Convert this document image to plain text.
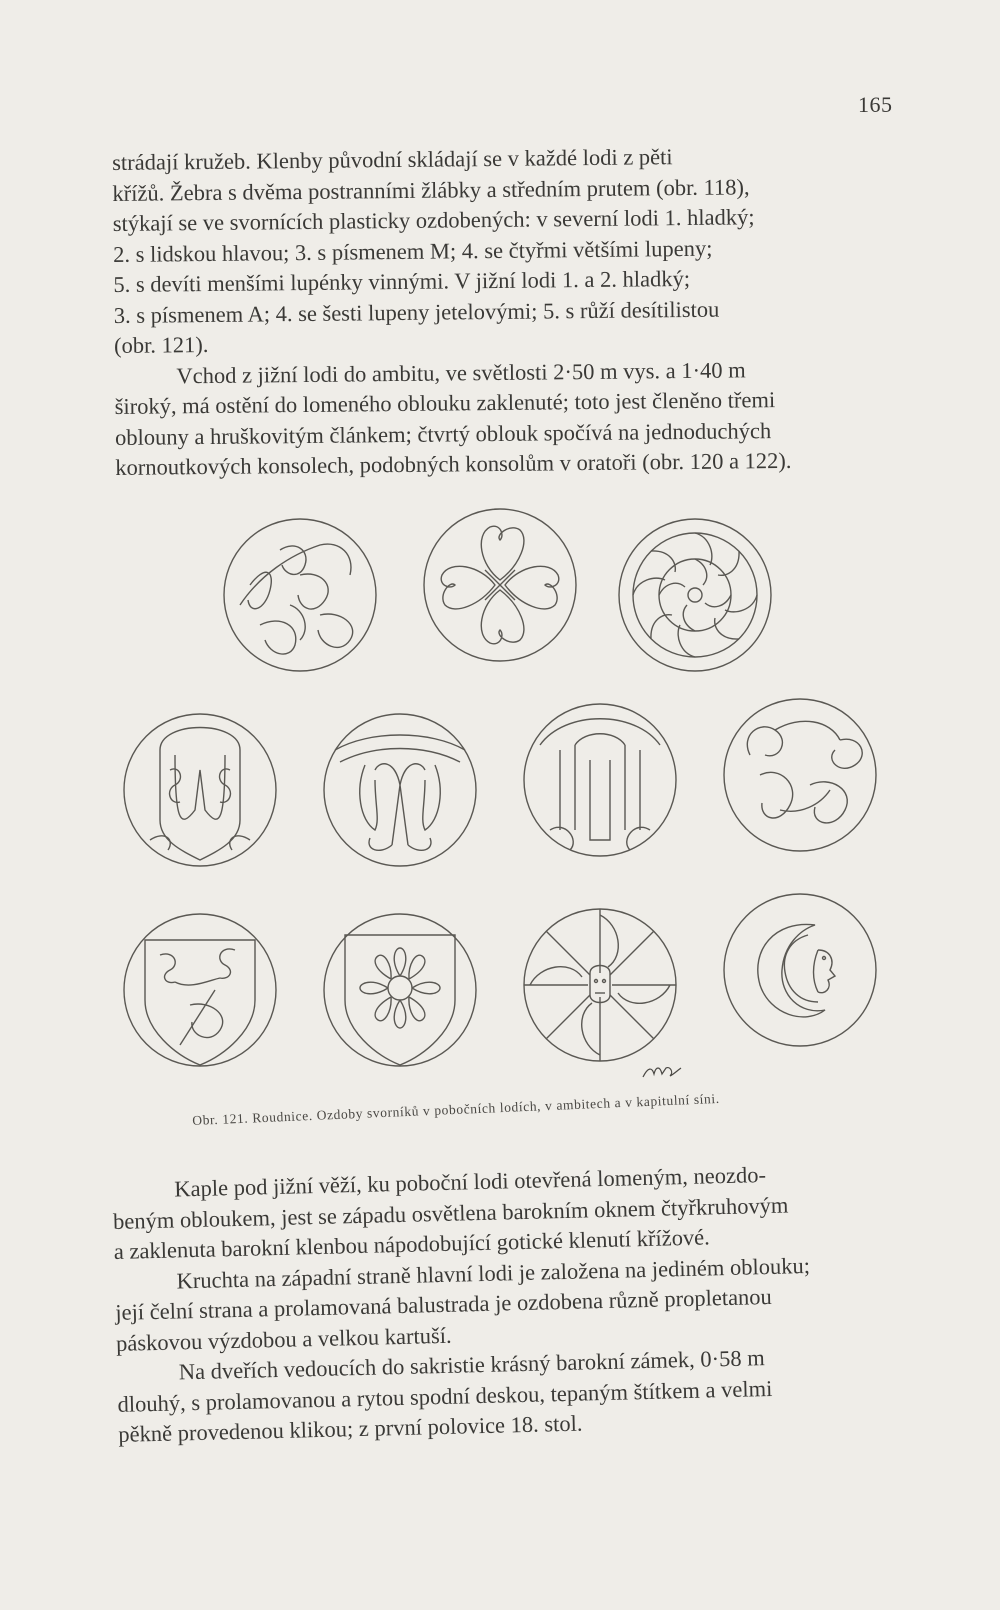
165
strádají kružeb. Klenby původní skládají se v každé lodi z pěti
křížů. Žebra s dvěma postranními žlábky a středním prutem (obr. 118),
stýkají se ve svornících plasticky ozdobených: v severní lodi 1. hladký;
2. s lidskou hlavou; 3. s písmenem M; 4. se čtyřmi většími lupeny;
5. s devíti menšími lupénky vinnými. V jižní lodi 1. a 2. hladký;
3. s písmenem A; 4. se šesti lupeny jetelovými; 5. s růží desítilistou
(obr. 121).
Vchod z jižní lodi do ambitu, ve světlosti 2·50 m vys. a 1·40 m
široký, má ostění do lomeného oblouku zaklenuté; toto jest členěno třemi
oblouny a hruškovitým článkem; čtvrtý oblouk spočívá na jednoduchých
kornoutkových konsolech, podobných konsolům v oratoři (obr. 120 a 122).
Obr. 121. Roudnice. Ozdoby svorníků v pobočních lodích, v ambitech a v kapitulní síni.
Kaple pod jižní věží, ku poboční lodi otevřená lomeným, neozdo-
beným obloukem, jest se západu osvětlena barokním oknem čtyřkruhovým
a zaklenuta barokní klenbou nápodobující gotické klenutí křížové.
Kruchta na západní straně hlavní lodi je založena na jediném oblouku;
její čelní strana a prolamovaná balustrada je ozdobena různě propletanou
páskovou výzdobou a velkou kartuší.
Na dveřích vedoucích do sakristie krásný barokní zámek, 0·58 m
dlouhý, s prolamovanou a rytou spodní deskou, tepaným štítkem a velmi
pěkně provedenou klikou; z první polovice 18. stol.
